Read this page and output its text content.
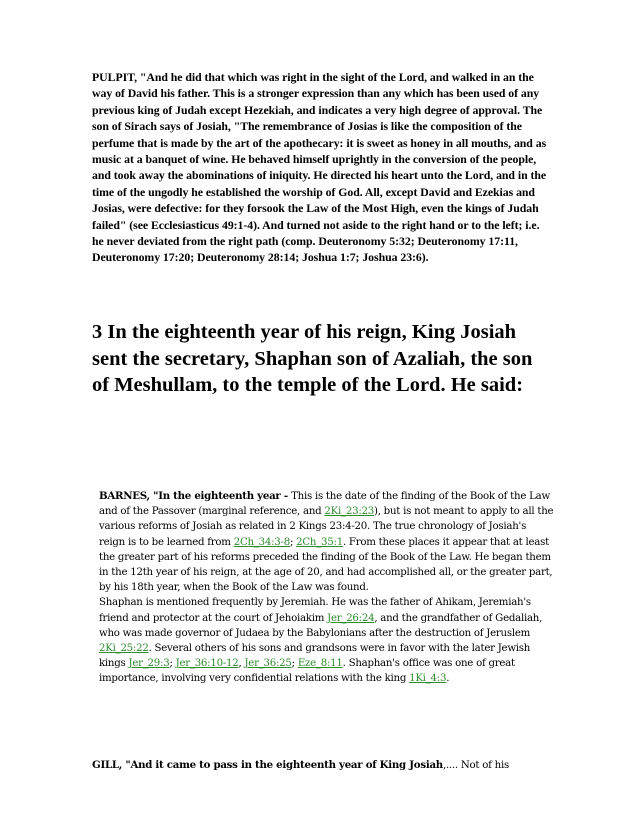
PULPIT, "And he did that which was right in the sight of the Lord, and walked in an the way of David his father. This is a stronger expression than any which has been used of any previous king of Judah except Hezekiah, and indicates a very high degree of approval. The son of Sirach says of Josiah, "The remembrance of Josias is like the composition of the perfume that is made by the art of the apothecary: it is sweet as honey in all mouths, and as music at a banquet of wine. He behaved himself uprightly in the conversion of the people, and took away the abominations of iniquity. He directed his heart unto the Lord, and in the time of the ungodly he established the worship of God. All, except David and Ezekias and Josias, were defective: for they forsook the Law of the Most High, even the kings of Judah failed" (see Ecclesiasticus 49:1-4). And turned not aside to the right hand or to the left; i.e. he never deviated from the right path (comp. Deuteronomy 5:32; Deuteronomy 17:11, Deuteronomy 17:20; Deuteronomy 28:14; Joshua 1:7; Joshua 23:6).

3 In the eighteenth year of his reign, King Josiah sent the secretary, Shaphan son of Azaliah, the son of Meshullam, to the temple of the Lord. He said:

BARNES, "In the eighteenth year - This is the date of the finding of the Book of the Law and of the Passover (marginal reference, and 2Ki_23:23), but is not meant to apply to all the various reforms of Josiah as related in 2 Kings 23:4-20. The true chronology of Josiah's reign is to be learned from 2Ch_34:3-8; 2Ch_35:1. From these places it appear that at least the greater part of his reforms preceded the finding of the Book of the Law. He began them in the 12th year of his reign, at the age of 20, and had accomplished all, or the greater part, by his 18th year, when the Book of the Law was found.

Shaphan is mentioned frequently by Jeremiah. He was the father of Ahikam, Jeremiah's friend and protector at the court of Jehoiakim Jer_26:24, and the grandfather of Gedaliah, who was made governor of Judaea by the Babylonians after the destruction of Jeruslem 2Ki_25:22. Several others of his sons and grandsons were in favor with the later Jewish kings Jer_29:3; Jer_36:10-12, Jer_36:25; Eze_8:11. Shaphan's office was one of great importance, involving very confidential relations with the king 1Ki_4:3.

GILL, "And it came to pass in the eighteenth year of King Josiah,.... Not of his
